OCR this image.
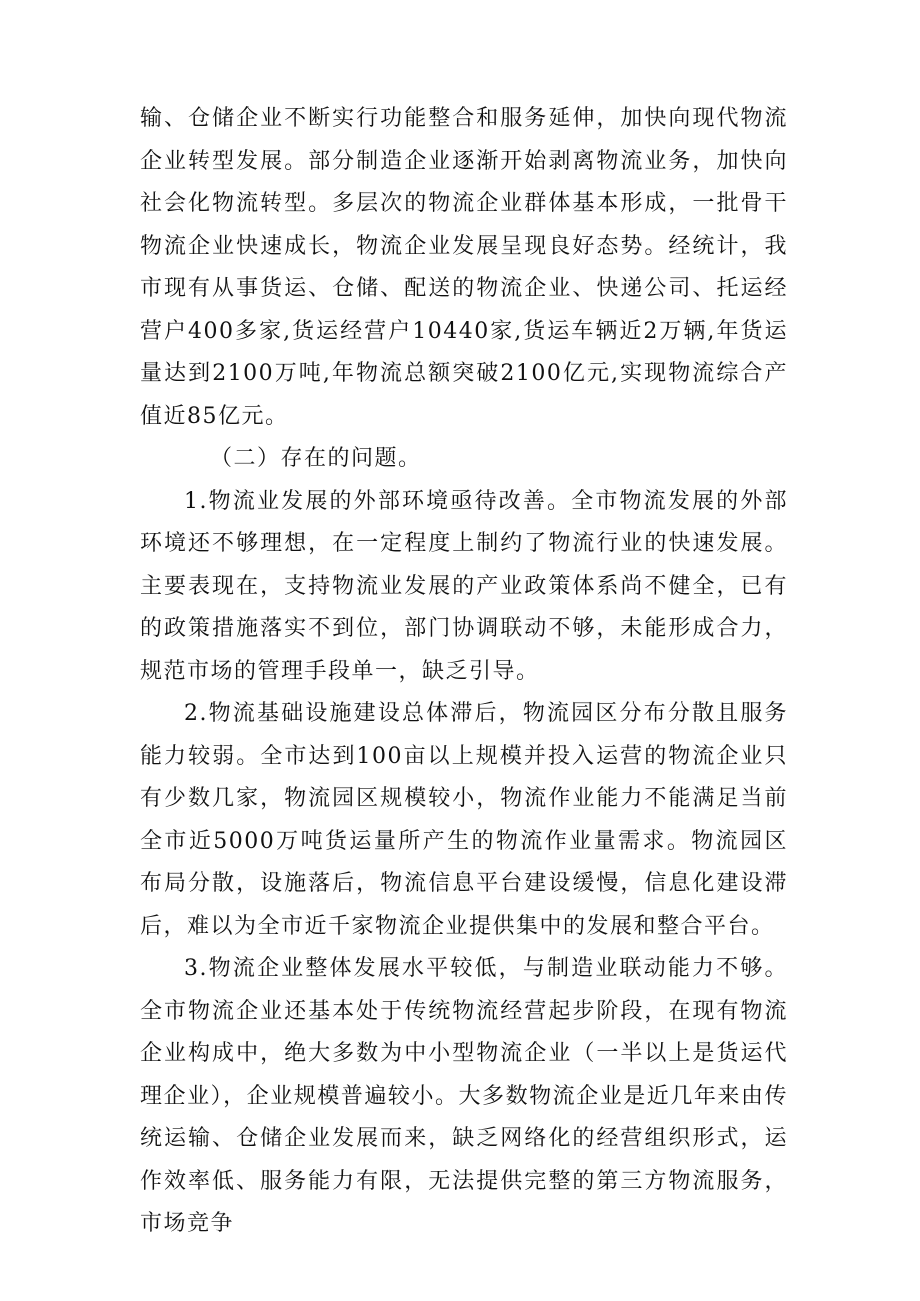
输、仓储企业不断实行功能整合和服务延伸，加快向现代物流企业转型发展。部分制造企业逐渐开始剥离物流业务，加快向社会化物流转型。多层次的物流企业群体基本形成，一批骨干物流企业快速成长，物流企业发展呈现良好态势。经统计，我市现有从事货运、仓储、配送的物流企业、快递公司、托运经营户400多家,货运经营户10440家,货运车辆近2万辆,年货运量达到2100万吨,年物流总额突破2100亿元,实现物流综合产值近85亿元。

（二）存在的问题。

1.物流业发展的外部环境亟待改善。全市物流发展的外部环境还不够理想，在一定程度上制约了物流行业的快速发展。主要表现在，支持物流业发展的产业政策体系尚不健全，已有的政策措施落实不到位，部门协调联动不够，未能形成合力，规范市场的管理手段单一，缺乏引导。

2.物流基础设施建设总体滞后，物流园区分布分散且服务能力较弱。全市达到100亩以上规模并投入运营的物流企业只有少数几家，物流园区规模较小，物流作业能力不能满足当前全市近5000万吨货运量所产生的物流作业量需求。物流园区布局分散，设施落后，物流信息平台建设缓慢，信息化建设滞后，难以为全市近千家物流企业提供集中的发展和整合平台。

3.物流企业整体发展水平较低，与制造业联动能力不够。全市物流企业还基本处于传统物流经营起步阶段，在现有物流企业构成中，绝大多数为中小型物流企业（一半以上是货运代理企业），企业规模普遍较小。大多数物流企业是近几年来由传统运输、仓储企业发展而来，缺乏网络化的经营组织形式，运作效率低、服务能力有限，无法提供完整的第三方物流服务，市场竞争
